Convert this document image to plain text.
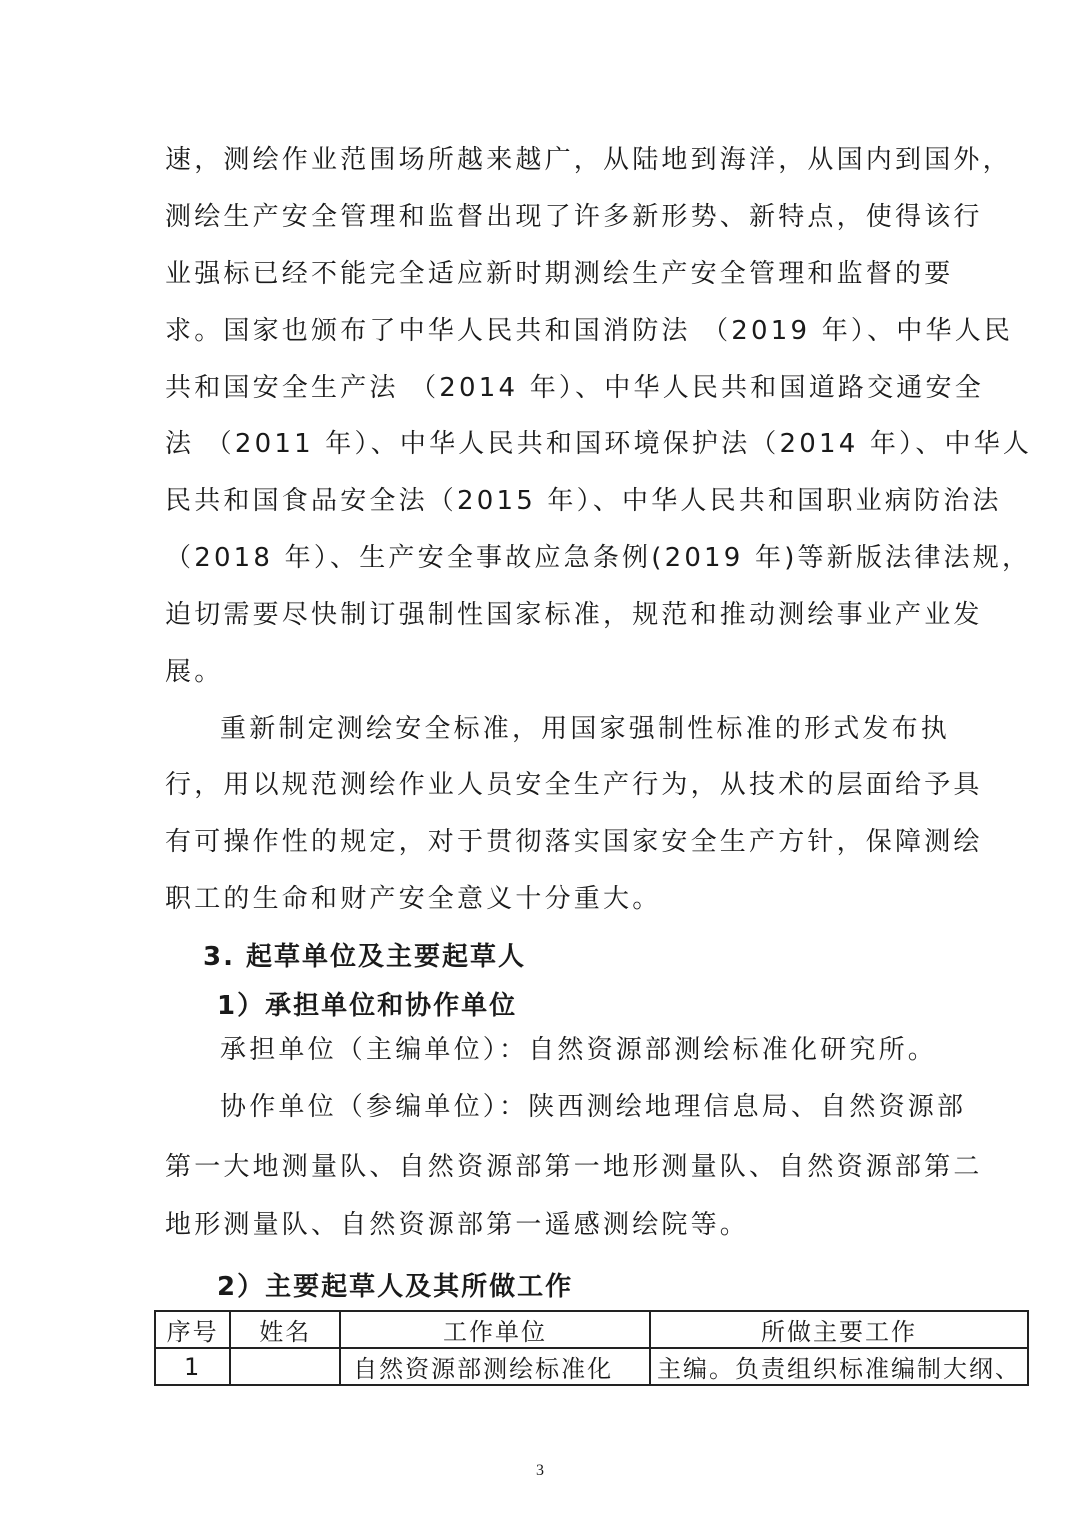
速，测绘作业范围场所越来越广，从陆地到海洋，从国内到国外，
测绘生产安全管理和监督出现了许多新形势、新特点，使得该行
业强标已经不能完全适应新时期测绘生产安全管理和监督的要
求。国家也颁布了中华人民共和国消防法 （2019 年）、中华人民
共和国安全生产法 （2014 年）、中华人民共和国道路交通安全
法 （2011 年）、中华人民共和国环境保护法（2014 年）、中华人
民共和国食品安全法（2015 年）、中华人民共和国职业病防治法
（2018 年）、生产安全事故应急条例(2019 年)等新版法律法规，
迫切需要尽快制订强制性国家标准，规范和推动测绘事业产业发
展。
重新制定测绘安全标准，用国家强制性标准的形式发布执
行，用以规范测绘作业人员安全生产行为，从技术的层面给予具
有可操作性的规定，对于贯彻落实国家安全生产方针，保障测绘
职工的生命和财产安全意义十分重大。
3. 起草单位及主要起草人
1）承担单位和协作单位
承担单位（主编单位）：自然资源部测绘标准化研究所。
协作单位（参编单位）：陕西测绘地理信息局、自然资源部
第一大地测量队、自然资源部第一地形测量队、自然资源部第二
地形测量队、自然资源部第一遥感测绘院等。
2）主要起草人及其所做工作
序号	姓名	工作单位	所做主要工作
1		自然资源部测绘标准化	主编。负责组织标准编制大纲、
3
